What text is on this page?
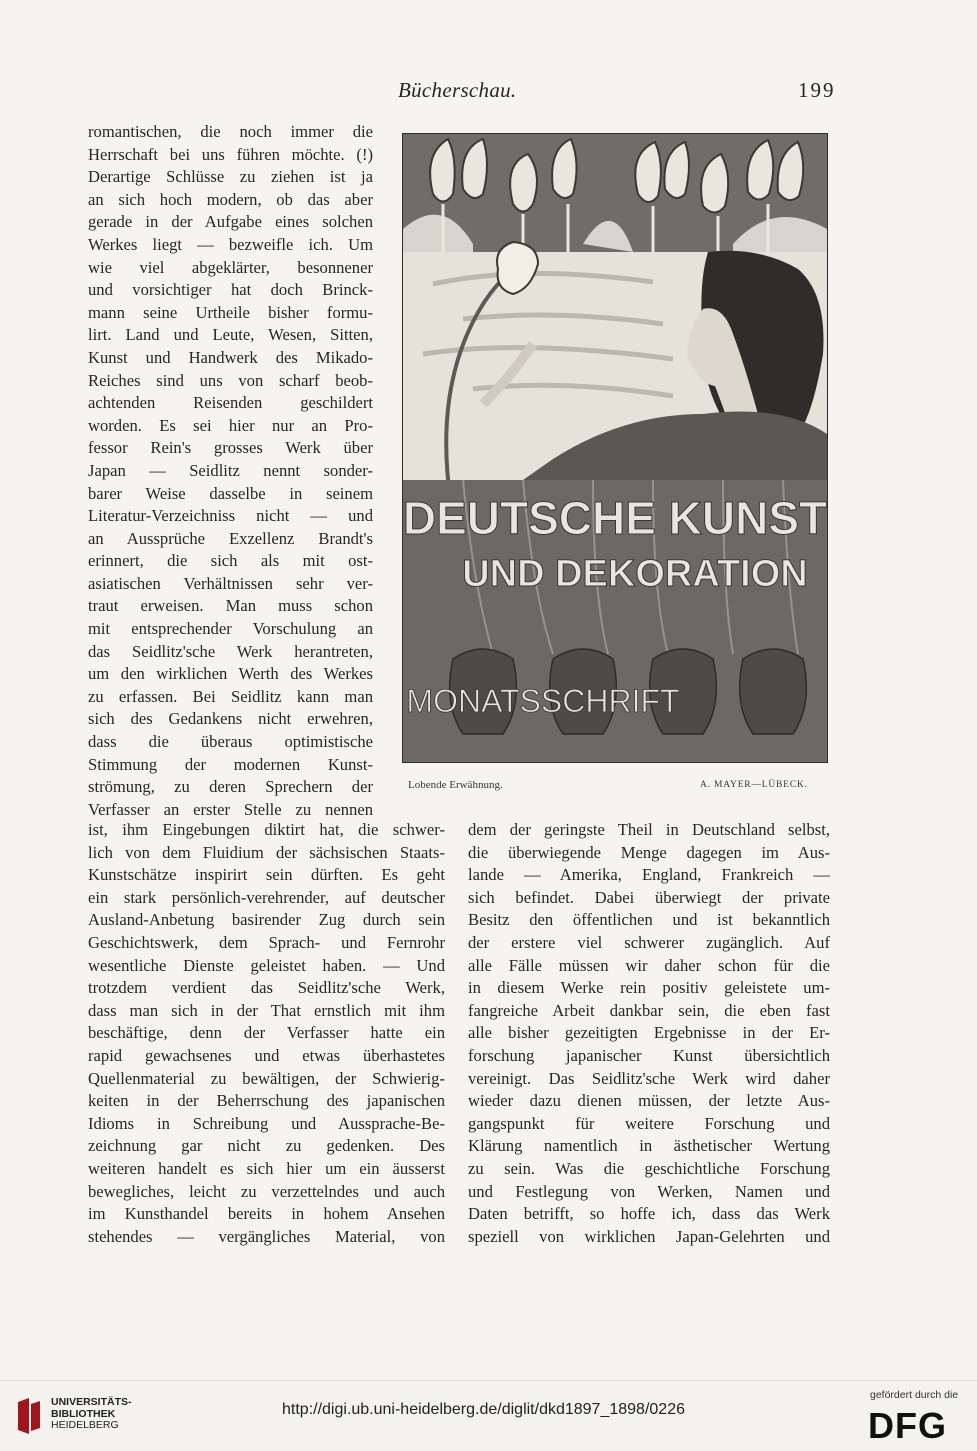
Bücherschau.	199
romantischen, die noch immer die
Herrschaft bei uns führen möchte. (!)
Derartige Schlüsse zu ziehen ist ja
an sich hoch modern, ob das aber
gerade in der Aufgabe eines solchen
Werkes liegt — bezweifle ich. Um
wie viel abgeklärter, besonnener
und vorsichtiger hat doch Brinck-
mann seine Urtheile bisher formu-
lirt. Land und Leute, Wesen, Sitten,
Kunst und Handwerk des Mikado-
Reiches sind uns von scharf beob-
achtenden Reisenden geschildert
worden. Es sei hier nur an Pro-
fessor Rein's grosses Werk über
Japan — Seidlitz nennt sonder-
barer Weise dasselbe in seinem
Literatur-Verzeichniss nicht — und
an Aussprüche Exzellenz Brandt's
erinnert, die sich als mit ost-
asiatischen Verhältnissen sehr ver-
traut erweisen. Man muss schon
mit entsprechender Vorschulung an
das Seidlitz'sche Werk herantreten,
um den wirklichen Werth des Werkes
zu erfassen. Bei Seidlitz kann man
sich des Gedankens nicht erwehren,
dass die überaus optimistische
Stimmung der modernen Kunst-
strömung, zu deren Sprechern der
Verfasser an erster Stelle zu nennen
DEUTSCHE KUNST
UND DEKORATION
MONATSSCHRIFT
Lobende Erwähnung.	A. MAYER—LÜBECK.
ist, ihm Eingebungen diktirt hat, die schwer-
lich von dem Fluidium der sächsischen Staats-
Kunstschätze inspirirt sein dürften. Es geht
ein stark persönlich-verehrender, auf deutscher
Ausland-Anbetung basirender Zug durch sein
Geschichtswerk, dem Sprach- und Fernrohr
wesentliche Dienste geleistet haben. — Und
trotzdem verdient das Seidlitz'sche Werk,
dass man sich in der That ernstlich mit ihm
beschäftige, denn der Verfasser hatte ein
rapid gewachsenes und etwas überhastetes
Quellenmaterial zu bewältigen, der Schwierig-
keiten in der Beherrschung des japanischen
Idioms in Schreibung und Aussprache-Be-
zeichnung gar nicht zu gedenken. Des
weiteren handelt es sich hier um ein äusserst
bewegliches, leicht zu verzettelndes und auch
im Kunsthandel bereits in hohem Ansehen
stehendes — vergängliches Material, von
dem der geringste Theil in Deutschland selbst,
die überwiegende Menge dagegen im Aus-
lande — Amerika, England, Frankreich —
sich befindet. Dabei überwiegt der private
Besitz den öffentlichen und ist bekanntlich
der erstere viel schwerer zugänglich. Auf
alle Fälle müssen wir daher schon für die
in diesem Werke rein positiv geleistete um-
fangreiche Arbeit dankbar sein, die eben fast
alle bisher gezeitigten Ergebnisse in der Er-
forschung japanischer Kunst übersichtlich
vereinigt. Das Seidlitz'sche Werk wird daher
wieder dazu dienen müssen, der letzte Aus-
gangspunkt für weitere Forschung und
Klärung namentlich in ästhetischer Wertung
zu sein. Was die geschichtliche Forschung
und Festlegung von Werken, Namen und
Daten betrifft, so hoffe ich, dass das Werk
speziell von wirklichen Japan-Gelehrten und
UNIVERSITÄTS-
BIBLIOTHEK
HEIDELBERG
http://digi.ub.uni-heidelberg.de/diglit/dkd1897_1898/0226
gefördert durch die
DFG
